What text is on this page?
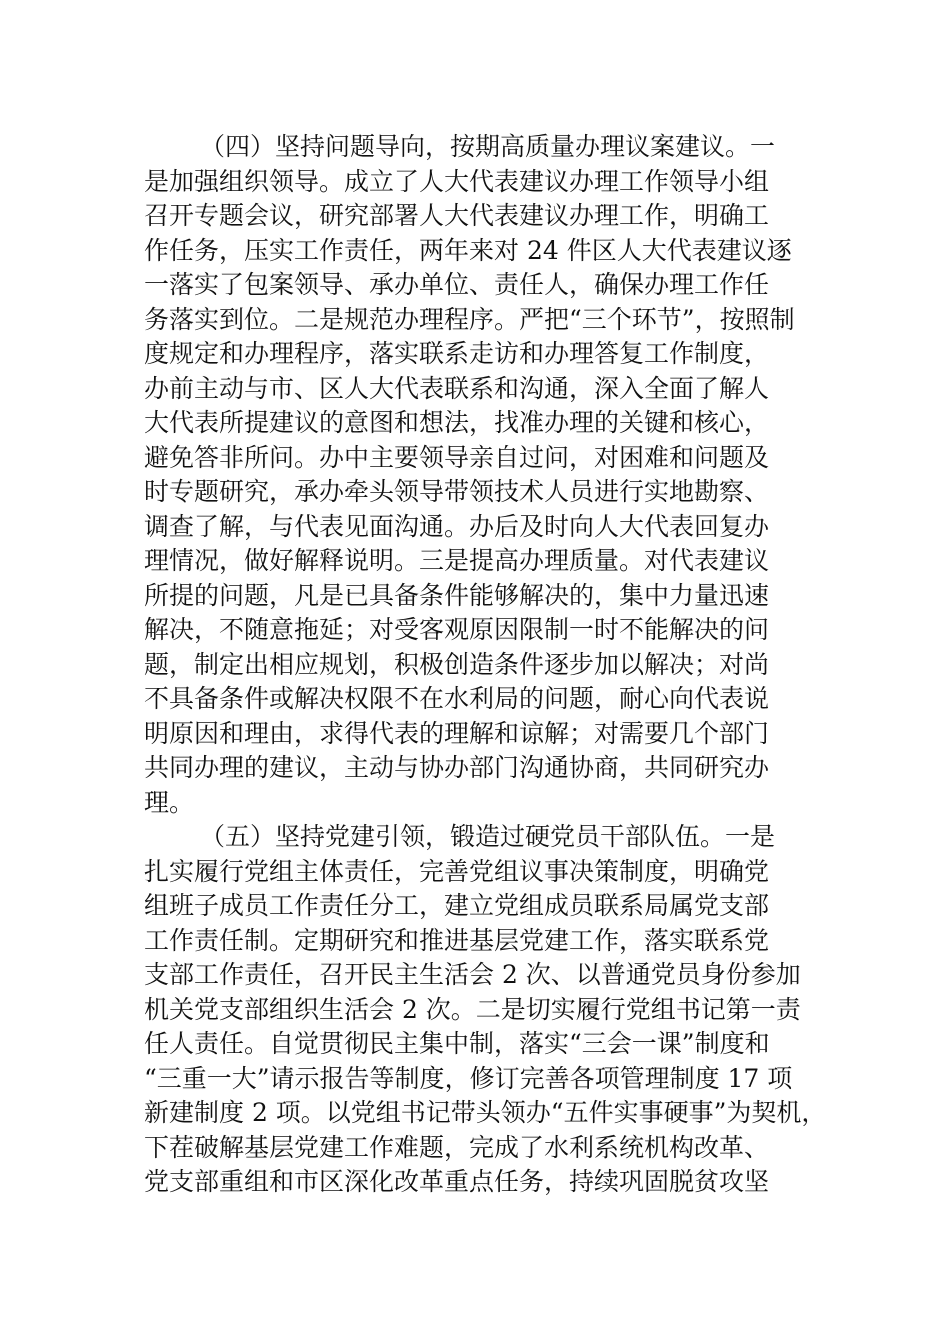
（四）坚持问题导向，按期高质量办理议案建议。一
是加强组织领导。成立了人大代表建议办理工作领导小组
召开专题会议，研究部署人大代表建议办理工作，明确工
作任务，压实工作责任，两年来对 24 件区人大代表建议逐
一落实了包案领导、承办单位、责任人，确保办理工作任
务落实到位。二是规范办理程序。严把“三个环节”，按照制
度规定和办理程序，落实联系走访和办理答复工作制度，
办前主动与市、区人大代表联系和沟通，深入全面了解人
大代表所提建议的意图和想法，找准办理的关键和核心，
避免答非所问。办中主要领导亲自过问，对困难和问题及
时专题研究，承办牵头领导带领技术人员进行实地勘察、
调查了解，与代表见面沟通。办后及时向人大代表回复办
理情况，做好解释说明。三是提高办理质量。对代表建议
所提的问题，凡是已具备条件能够解决的，集中力量迅速
解决，不随意拖延；对受客观原因限制一时不能解决的问
题，制定出相应规划，积极创造条件逐步加以解决；对尚
不具备条件或解决权限不在水利局的问题，耐心向代表说
明原因和理由，求得代表的理解和谅解；对需要几个部门
共同办理的建议，主动与协办部门沟通协商，共同研究办
理。
（五）坚持党建引领，锻造过硬党员干部队伍。一是
扎实履行党组主体责任，完善党组议事决策制度，明确党
组班子成员工作责任分工，建立党组成员联系局属党支部
工作责任制。定期研究和推进基层党建工作，落实联系党
支部工作责任，召开民主生活会 2 次、以普通党员身份参加
机关党支部组织生活会 2 次。二是切实履行党组书记第一责
任人责任。自觉贯彻民主集中制，落实“三会一课”制度和
“三重一大”请示报告等制度，修订完善各项管理制度 17 项
新建制度 2 项。以党组书记带头领办“五件实事硬事”为契机，
下茬破解基层党建工作难题，完成了水利系统机构改革、
党支部重组和市区深化改革重点任务，持续巩固脱贫攻坚
